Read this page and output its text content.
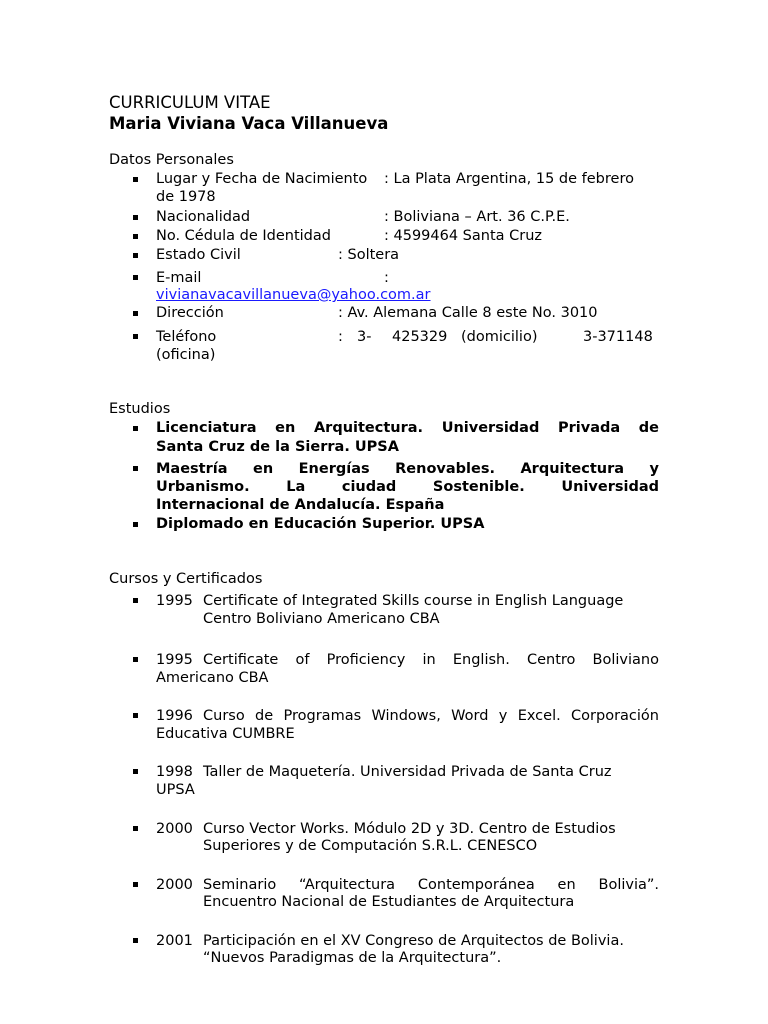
CURRICULUM VITAE
Maria Viviana Vaca Villanueva
Datos Personales
Lugar y Fecha de Nacimiento : La Plata Argentina, 15 de febrero
de 1978
Nacionalidad	: Boliviana – Art. 36 C.P.E.
No. Cédula de Identidad	: 4599464 Santa Cruz
Estado Civil	: Soltera
E-mail	:
vivianavacavillanueva@yahoo.com.ar
Dirección	: Av. Alemana Calle 8 este No. 3010
Teléfono	: 3- 425329 (domicilio)	3-371148
(oficina)
Estudios
Licenciatura en Arquitectura. Universidad Privada de
Santa Cruz de la Sierra. UPSA
Maestría en Energías Renovables. Arquitectura y
Urbanismo. La ciudad Sostenible. Universidad
Internacional de Andalucía. España
Diplomado en Educación Superior. UPSA
Cursos y Certificados
1995 Certificate of Integrated Skills course in English Language
Centro Boliviano Americano CBA
1995 Certificate of Proficiency in English. Centro Boliviano
Americano CBA
1996 Curso de Programas Windows, Word y Excel. Corporación
Educativa CUMBRE
1998 Taller de Maquetería. Universidad Privada de Santa Cruz
UPSA
2000 Curso Vector Works. Módulo 2D y 3D. Centro de Estudios
Superiores y de Computación S.R.L. CENESCO
2000 Seminario “Arquitectura Contemporánea en Bolivia”.
Encuentro Nacional de Estudiantes de Arquitectura
2001 Participación en el XV Congreso de Arquitectos de Bolivia.
“Nuevos Paradigmas de la Arquitectura”.
